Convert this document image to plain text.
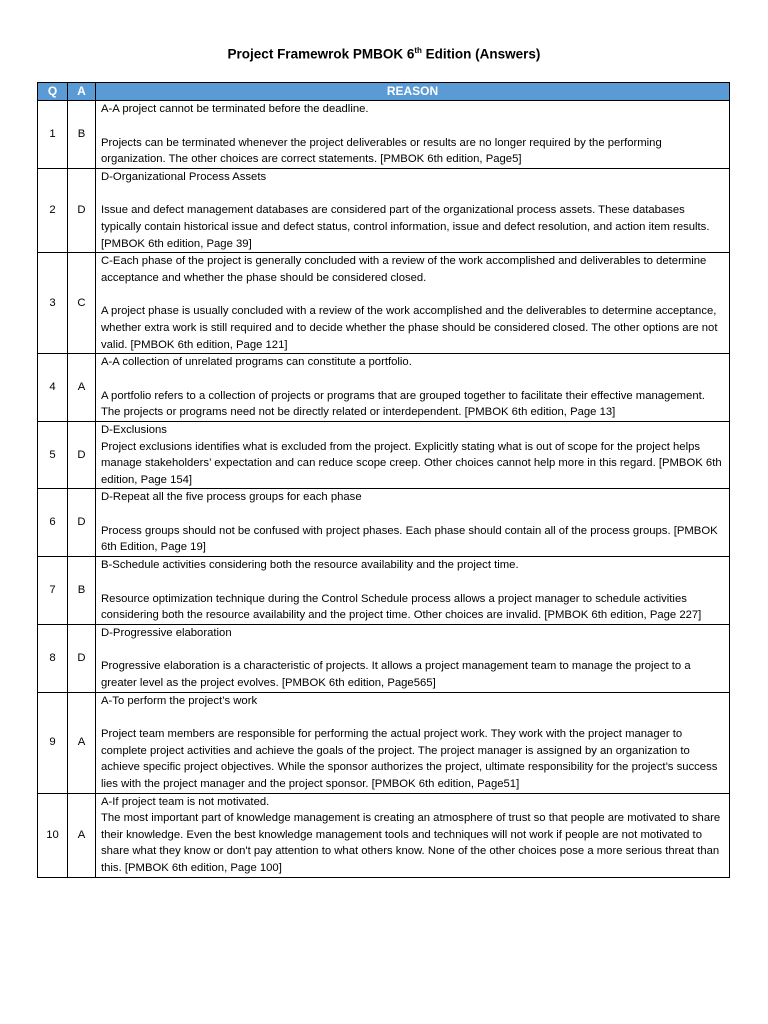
Project Framewrok PMBOK 6th Edition (Answers)
Q	A	REASON
1	B	A-A project cannot be terminated before the deadline.
Projects can be terminated whenever the project deliverables or results are no longer required by the performing organization. The other choices are correct statements. [PMBOK 6th edition, Page5]

2	D	D-Organizational Process Assets
Issue and defect management databases are considered part of the organizational process assets. These databases typically contain historical issue and defect status, control information, issue and defect resolution, and action item results. [PMBOK 6th edition, Page 39]

3	C	C-Each phase of the project is generally concluded with a review of the work accomplished and deliverables to determine acceptance and whether the phase should be considered closed.
A project phase is usually concluded with a review of the work accomplished and the deliverables to determine acceptance, whether extra work is still required and to decide whether the phase should be considered closed. The other options are not valid. [PMBOK 6th edition, Page 121]

4	A	A-A collection of unrelated programs can constitute a portfolio.
A portfolio refers to a collection of projects or programs that are grouped together to facilitate their effective management. The projects or programs need not be directly related or interdependent. [PMBOK 6th edition, Page 13]

5	D	D-Exclusions
Project exclusions identifies what is excluded from the project. Explicitly stating what is out of scope for the project helps manage stakeholders’ expectation and can reduce scope creep. Other choices cannot help more in this regard. [PMBOK 6th edition, Page 154]

6	D	D-Repeat all the five process groups for each phase
Process groups should not be confused with project phases. Each phase should contain all of the process groups. [PMBOK 6th Edition, Page 19]

7	B	B-Schedule activities considering both the resource availability and the project time.
Resource optimization technique during the Control Schedule process allows a project manager to schedule activities considering both the resource availability and the project time. Other choices are invalid. [PMBOK 6th edition, Page 227]

8	D	D-Progressive elaboration
Progressive elaboration is a characteristic of projects. It allows a project management team to manage the project to a greater level as the project evolves. [PMBOK 6th edition, Page565]

9	A	A-To perform the project’s work
Project team members are responsible for performing the actual project work. They work with the project manager to complete project activities and achieve the goals of the project. The project manager is assigned by an organization to achieve specific project objectives. While the sponsor authorizes the project, ultimate responsibility for the project’s success lies with the project manager and the project sponsor. [PMBOK 6th edition, Page51]

10	A	A-If project team is not motivated.
The most important part of knowledge management is creating an atmosphere of trust so that people are motivated to share their knowledge. Even the best knowledge management tools and techniques will not work if people are not motivated to share what they know or don't pay attention to what others know. None of the other choices pose a more serious threat than this. [PMBOK 6th edition, Page 100]
